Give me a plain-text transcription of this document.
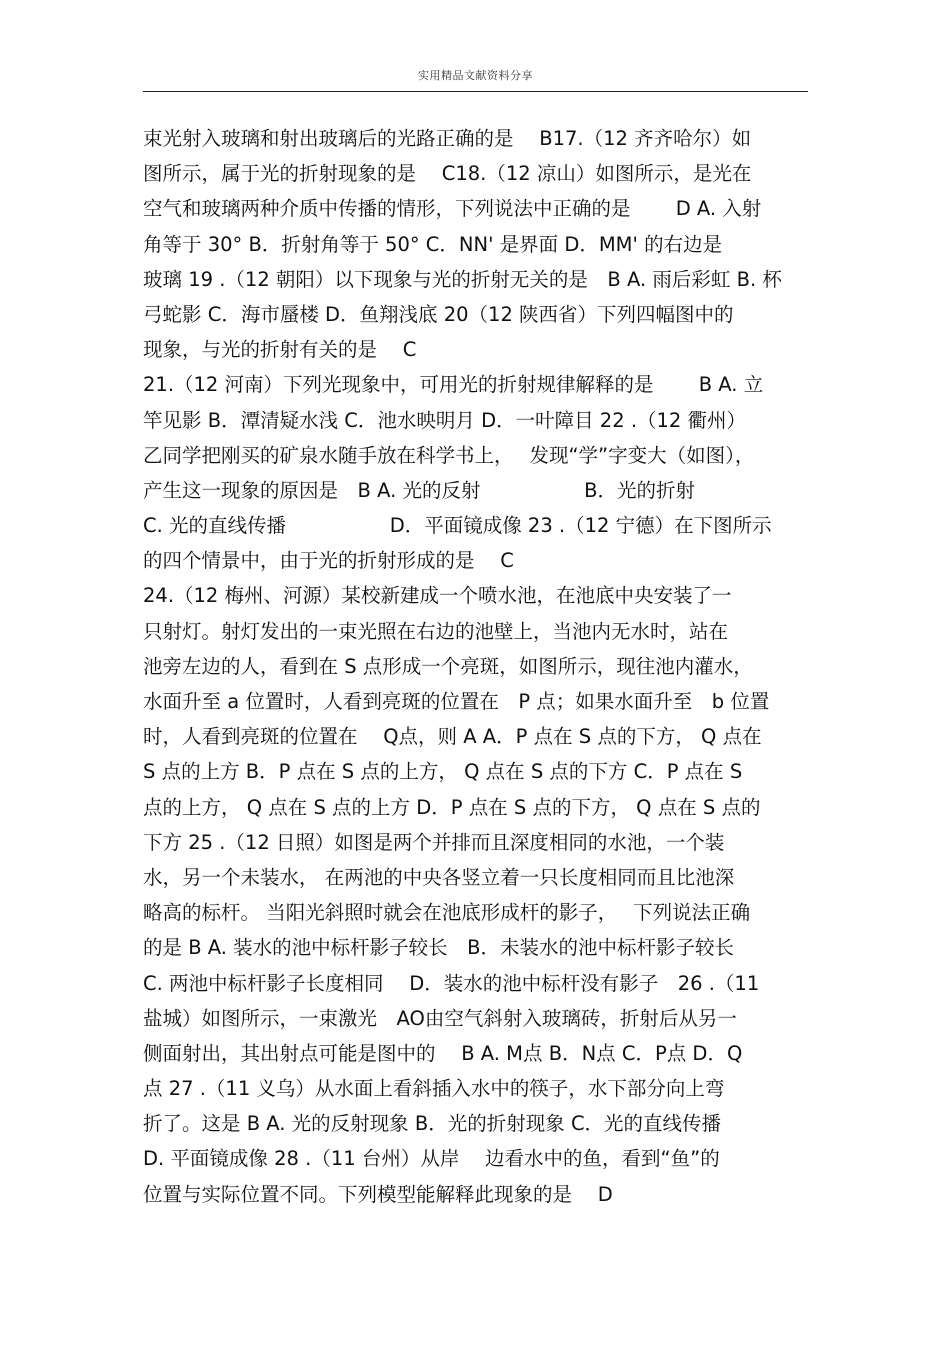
实用精品文献资料分享
束光射入玻璃和射出玻璃后的光路正确的是　 B17.（12 齐齐哈尔）如
图所示，属于光的折射现象的是　 C18.（12 凉山）如图所示，是光在
空气和玻璃两种介质中传播的情形，下列说法中正确的是　　 D A. 入射
角等于 30° B．折射角等于 50° C．NN' 是界面 D．MM' 的右边是
玻璃 19 .（12 朝阳）以下现象与光的折射无关的是　B A. 雨后彩虹 B. 杯
弓蛇影 C．海市蜃楼 D．鱼翔浅底 20（12 陕西省）下列四幅图中的
现象，与光的折射有关的是　 C
21.（12 河南）下列光现象中，可用光的折射规律解释的是　　 B A. 立
竿见影 B．潭清疑水浅 C．池水映明月 D．一叶障目 22 .（12 衢州）
乙同学把刚买的矿泉水随手放在科学书上，　 发现“学”字变大（如图），
产生这一现象的原因是　B A. 光的反射　　　　　 B．光的折射
C. 光的直线传播　　　　　 D．平面镜成像 23 .（12 宁德）在下图所示
的四个情景中，由于光的折射形成的是　 C
24.（12 梅州、河源）某校新建成一个喷水池，在池底中央安装了一
只射灯。射灯发出的一束光照在右边的池壁上，当池内无水时，站在
池旁左边的人，看到在 S 点形成一个亮斑，如图所示，现往池内灌水，
水面升至 a 位置时，人看到亮斑的位置在　P 点；如果水面升至　b 位置
时，人看到亮斑的位置在　 Q点，则 A A．P 点在 S 点的下方， Q 点在
S 点的上方 B．P 点在 S 点的上方， Q 点在 S 点的下方 C．P 点在 S
点的上方， Q 点在 S 点的上方 D．P 点在 S 点的下方， Q 点在 S 点的
下方 25 .（12 日照）如图是两个并排而且深度相同的水池，一个装
水，另一个未装水， 在两池的中央各竖立着一只长度相同而且比池深
略高的标杆。 当阳光斜照时就会在池底形成杆的影子，　 下列说法正确
的是 B A. 装水的池中标杆影子较长　B．未装水的池中标杆影子较长
C. 两池中标杆影子长度相同　 D．装水的池中标杆没有影子　26 .（11
盐城）如图所示，一束激光　AO由空气斜射入玻璃砖，折射后从另一
侧面射出，其出射点可能是图中的　 B A. M点 B．N点 C．P点 D．Q
点 27 .（11 义乌）从水面上看斜插入水中的筷子，水下部分向上弯
折了。这是 B A. 光的反射现象 B．光的折射现象 C．光的直线传播
D. 平面镜成像 28 .（11 台州）从岸　 边看水中的鱼，看到“鱼”的
位置与实际位置不同。下列模型能解释此现象的是　 D
